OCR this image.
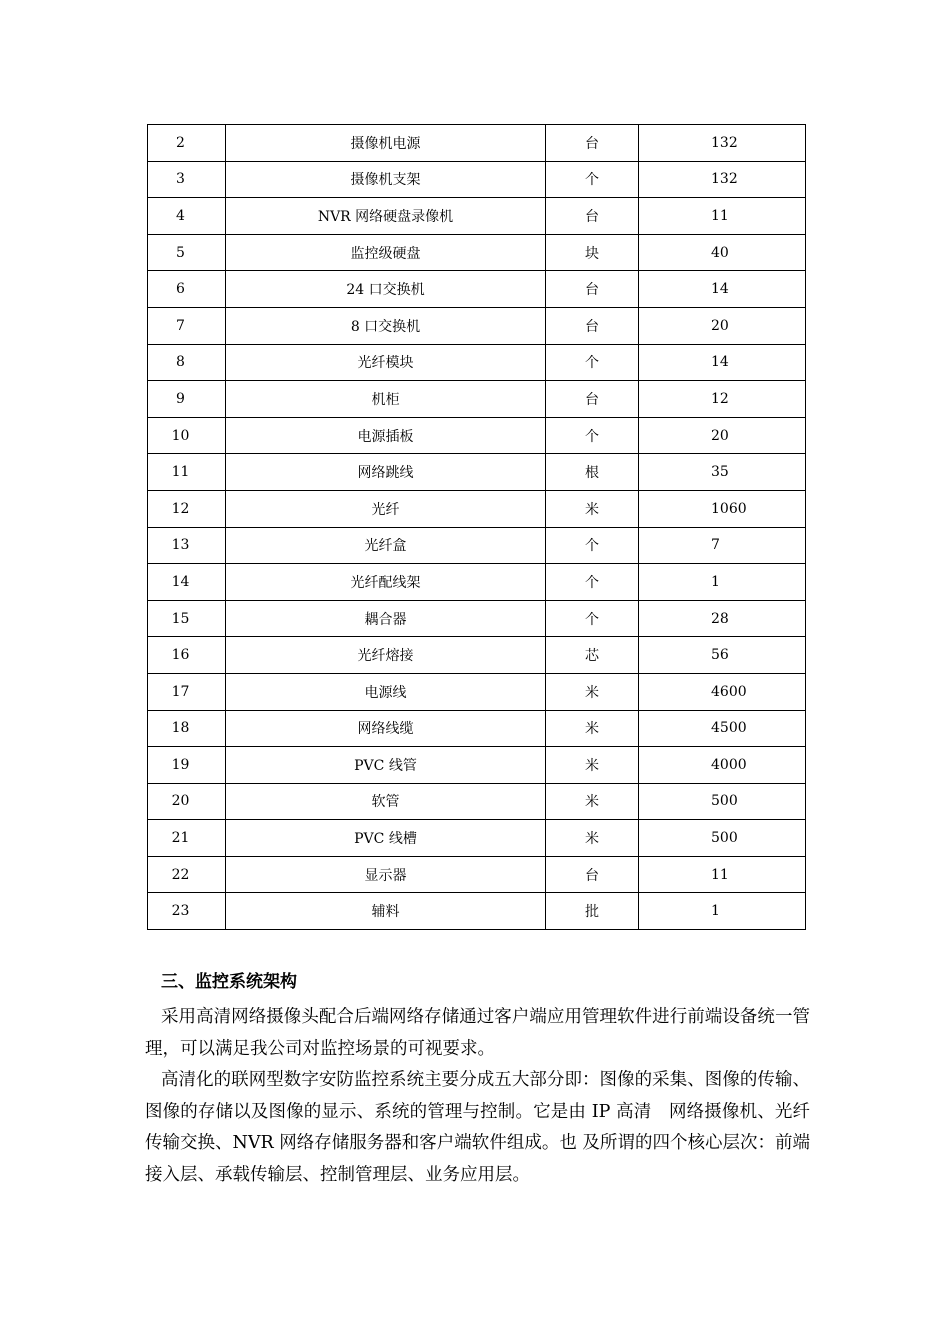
2	摄像机电源	台	132
3	摄像机支架	个	132
4	NVR 网络硬盘录像机	台	11
5	监控级硬盘	块	40
6	24 口交换机	台	14
7	8 口交换机	台	20
8	光纤模块	个	14
9	机柜	台	12
10	电源插板	个	20
11	网络跳线	根	35
12	光纤	米	1060
13	光纤盒	个	7
14	光纤配线架	个	1
15	耦合器	个	28
16	光纤熔接	芯	56
17	电源线	米	4600
18	网络线缆	米	4500
19	PVC 线管	米	4000
20	软管	米	500
21	PVC 线槽	米	500
22	显示器	台	11
23	辅料	批	1
三、监控系统架构
采用高清网络摄像头配合后端网络存储通过客户端应用管理软件进行前端设备统一管理，可以满足我公司对监控场景的可视要求。
高清化的联网型数字安防监控系统主要分成五大部分即：图像的采集、图像的传输、图像的存储以及图像的显示、系统的管理与控制。它是由 IP 高清　网络摄像机、光纤传输交换、NVR 网络存储服务器和客户端软件组成。也 及所谓的四个核心层次：前端接入层、承载传输层、控制管理层、业务应用层。
